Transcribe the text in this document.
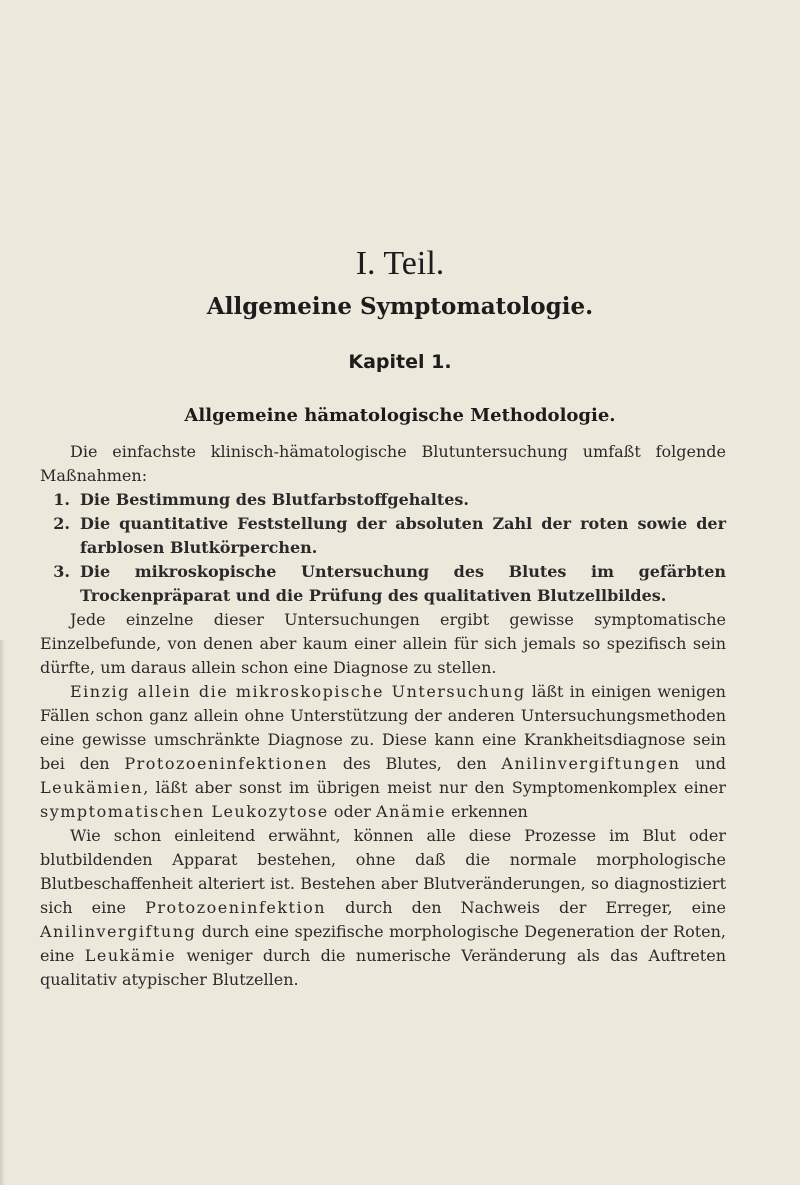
I. Teil.
Allgemeine Symptomatologie.
Kapitel 1.
Allgemeine hämatologische Methodologie.

Die einfachste klinisch-hämatologische Blutuntersuchung umfaßt folgende Maßnahmen:

1. Die Bestimmung des Blutfarbstoffgehaltes.
2. Die quantitative Feststellung der absoluten Zahl der roten sowie der farblosen Blutkörperchen.
3. Die mikroskopische Untersuchung des Blutes im gefärbten Trockenpräparat und die Prüfung des qualitativen Blutzellbildes.

Jede einzelne dieser Untersuchungen ergibt gewisse symptomatische Einzelbefunde, von denen aber kaum einer allein für sich jemals so spezifisch sein dürfte, um daraus allein schon eine Diagnose zu stellen.

Einzig allein die mikroskopische Untersuchung läßt in einigen wenigen Fällen schon ganz allein ohne Unterstützung der anderen Untersuchungsmethoden eine gewisse umschränkte Diagnose zu. Diese kann eine Krankheitsdiagnose sein bei den Protozoeninfektionen des Blutes, den Anilinvergiftungen und Leukämien, läßt aber sonst im übrigen meist nur den Symptomenkomplex einer symptomatischen Leukozytose oder Anämie erkennen

Wie schon einleitend erwähnt, können alle diese Prozesse im Blut oder blutbildenden Apparat bestehen, ohne daß die normale morphologische Blutbeschaffenheit alteriert ist. Bestehen aber Blutveränderungen, so diagnostiziert sich eine Protozoeninfektion durch den Nachweis der Erreger, eine Anilinvergiftung durch eine spezifische morphologische Degeneration der Roten, eine Leukämie weniger durch die numerische Veränderung als das Auftreten qualitativ atypischer Blutzellen.
